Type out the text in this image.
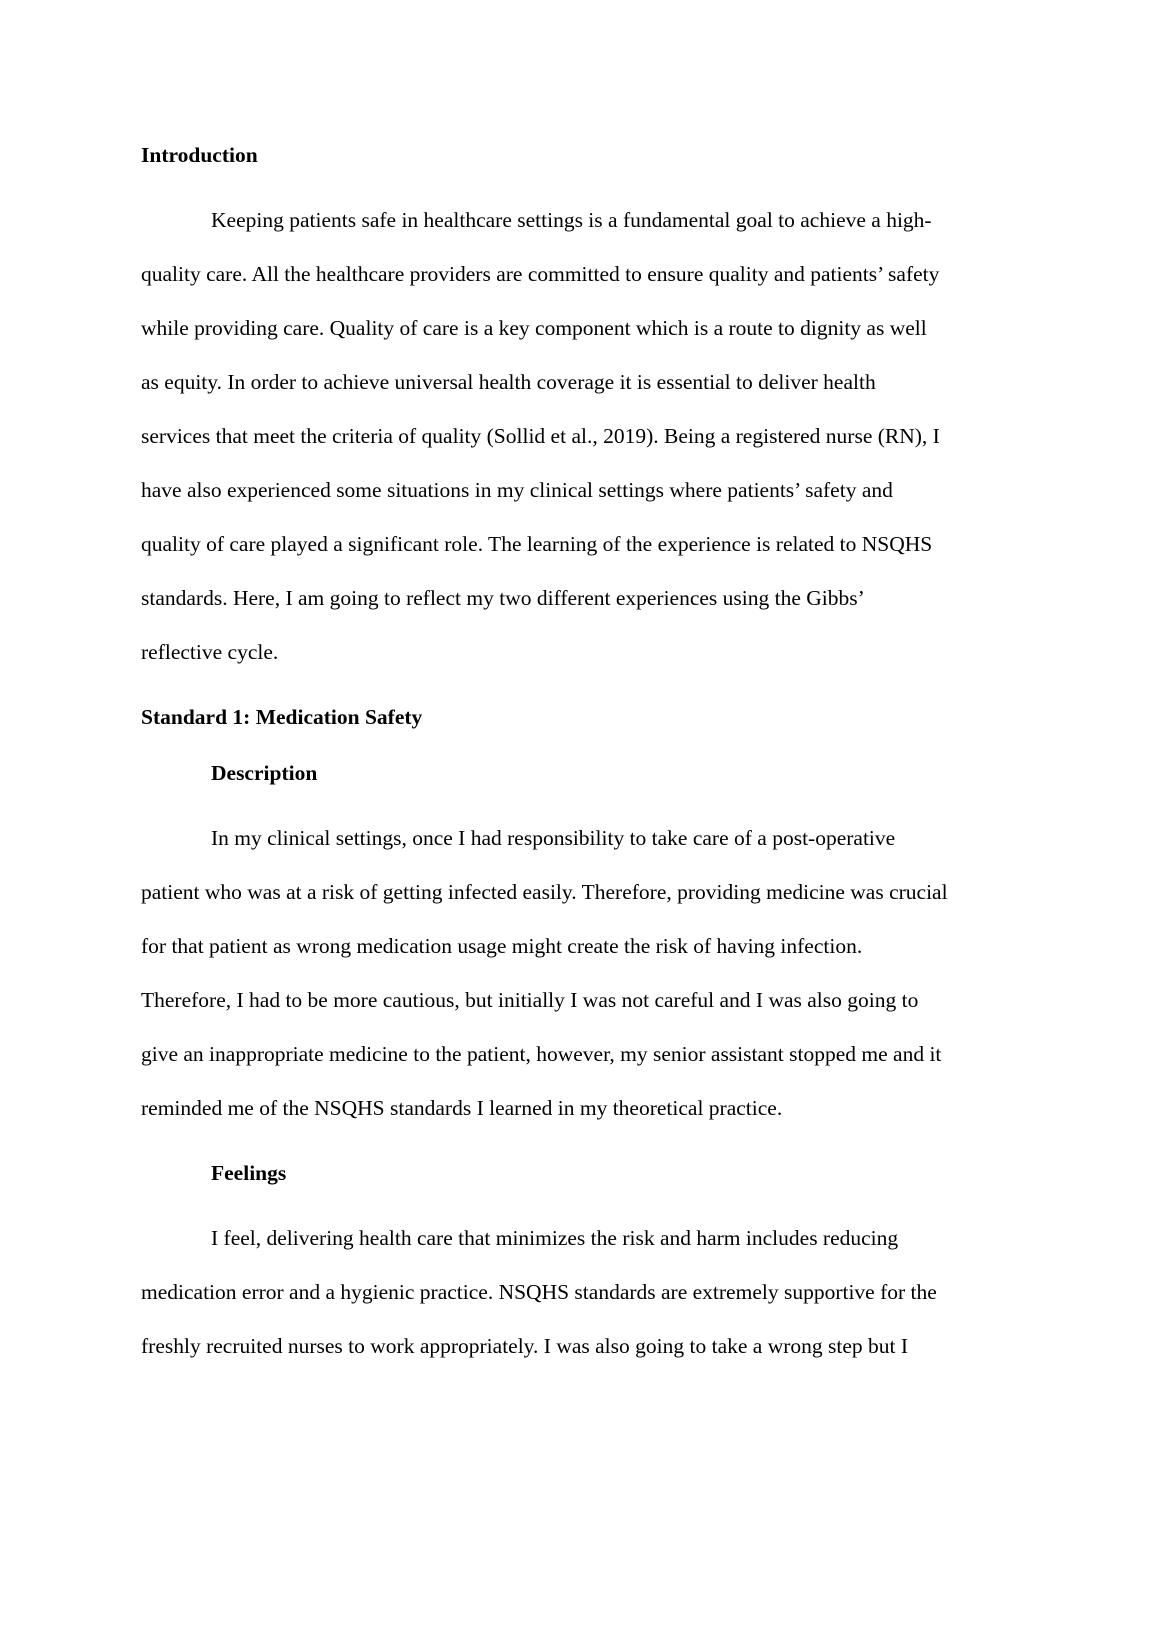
Introduction
Keeping patients safe in healthcare settings is a fundamental goal to achieve a high-
quality care. All the healthcare providers are committed to ensure quality and patients’ safety
while providing care. Quality of care is a key component which is a route to dignity as well
as equity. In order to achieve universal health coverage it is essential to deliver health
services that meet the criteria of quality (Sollid et al., 2019). Being a registered nurse (RN), I
have also experienced some situations in my clinical settings where patients’ safety and
quality of care played a significant role. The learning of the experience is related to NSQHS
standards. Here, I am going to reflect my two different experiences using the Gibbs’
reflective cycle.
Standard 1: Medication Safety
Description
In my clinical settings, once I had responsibility to take care of a post-operative
patient who was at a risk of getting infected easily. Therefore, providing medicine was crucial
for that patient as wrong medication usage might create the risk of having infection.
Therefore, I had to be more cautious, but initially I was not careful and I was also going to
give an inappropriate medicine to the patient, however, my senior assistant stopped me and it
reminded me of the NSQHS standards I learned in my theoretical practice.
Feelings
I feel, delivering health care that minimizes the risk and harm includes reducing
medication error and a hygienic practice. NSQHS standards are extremely supportive for the
freshly recruited nurses to work appropriately. I was also going to take a wrong step but I
